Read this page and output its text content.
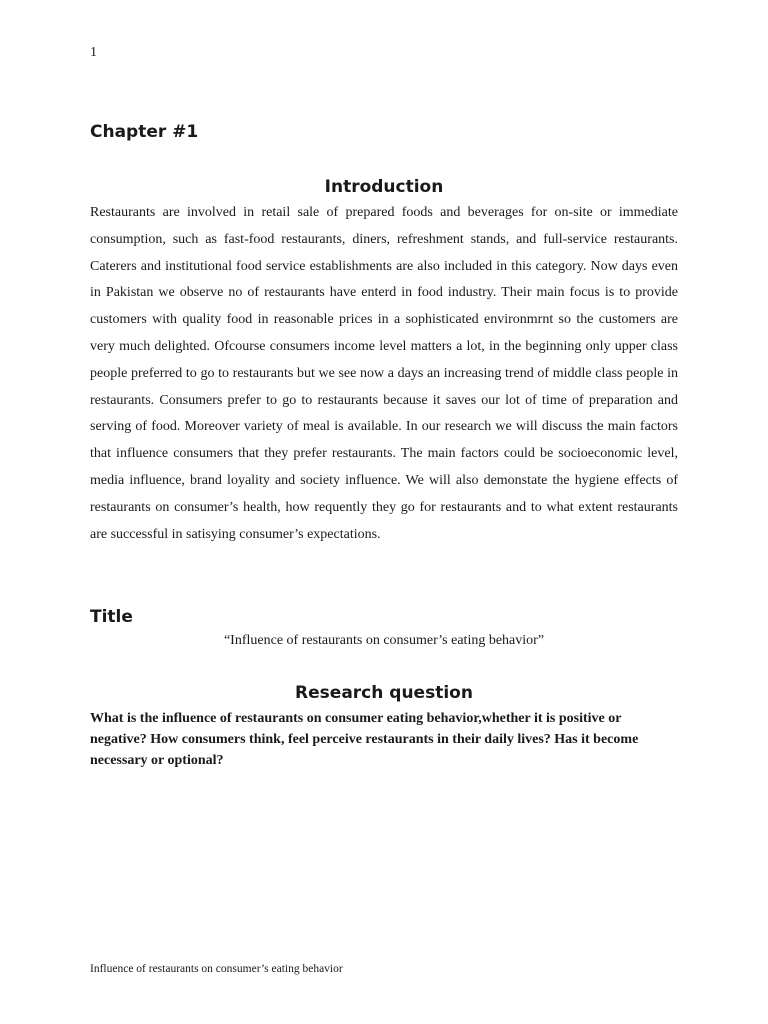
1
Chapter #1
Introduction

Restaurants are involved in retail sale of prepared foods and beverages for on-site or immediate consumption, such as fast-food restaurants, diners, refreshment stands, and full-service restaurants. Caterers and institutional food service establishments are also included in this category. Now days even in Pakistan we observe no of restaurants have enterd in food industry. Their main focus is to provide customers with quality food in reasonable prices in a sophisticated environmrnt so the customers are very much delighted. Ofcourse consumers income level matters a lot, in the beginning only upper class people preferred to go to restaurants but we see now a days an increasing trend of middle class people in restaurants. Consumers prefer to go to restaurants because it saves our lot of time of preparation and serving of food. Moreover variety of meal is available. In our research we will discuss the main factors that influence consumers that they prefer restaurants. The main factors could be socioeconomic level, media influence, brand loyality and society influence. We will also demonstate the hygiene effects of restaurants on consumer’s health, how requently they go for restaurants and to what extent restaurants are successful in satisying consumer’s expectations.

Title

“Influence of restaurants on consumer’s eating behavior”

Research question

What is the influence of restaurants on consumer eating behavior,whether it is positive or negative? How consumers think, feel perceive restaurants in their daily lives? Has it become necessary or optional?

Influence of restaurants on consumer’s eating behavior
